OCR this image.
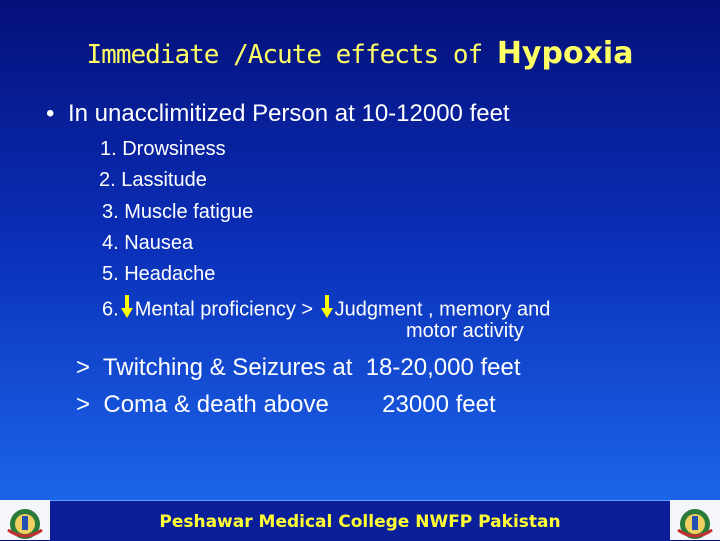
Immediate /Acute effects of Hypoxia
• In unacclimitized Person at 10-12000 feet
1. Drowsiness
2. Lassitude
3. Muscle fatigue
4. Nausea
5. Headache
6. Mental proficiency > Judgment , memory and
motor activity
> Twitching & Seizures at  18-20,000 feet
> Coma & death above        23000 feet
Peshawar Medical College NWFP Pakistan
